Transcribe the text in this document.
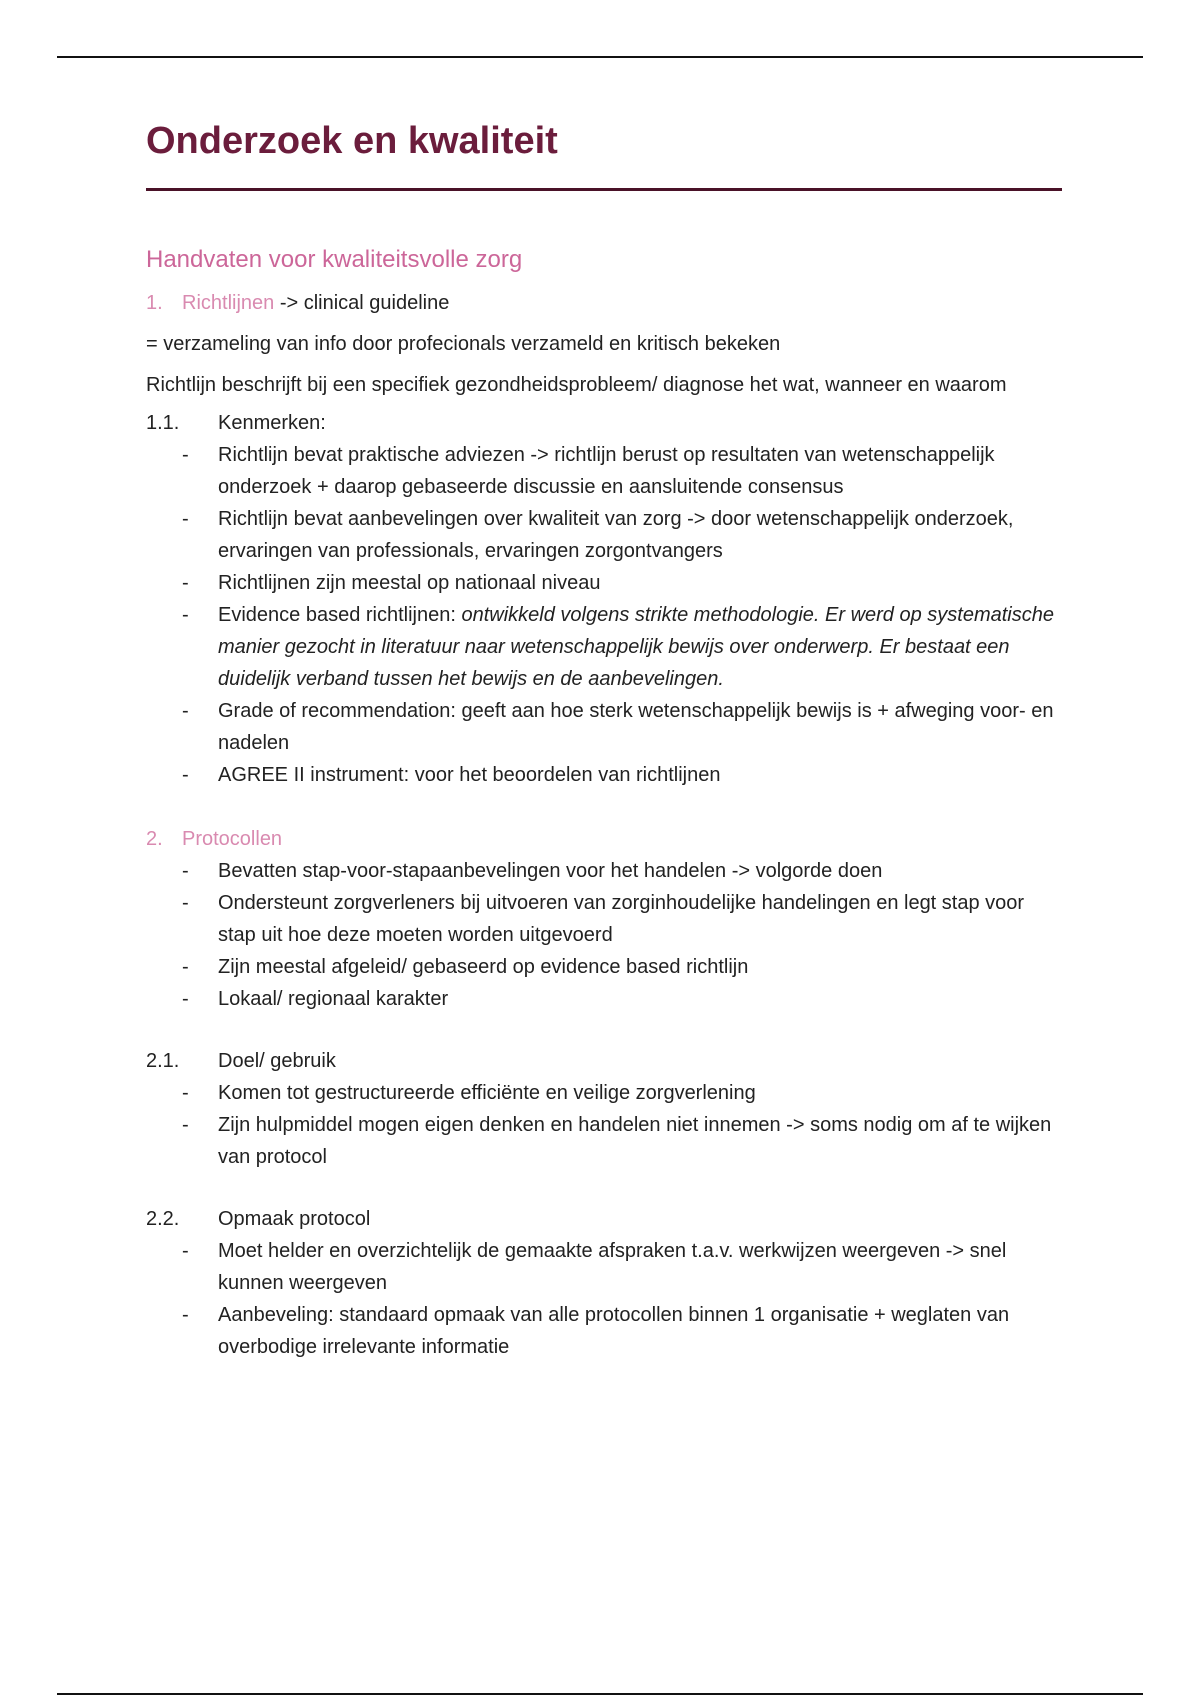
Onderzoek en kwaliteit
Handvaten voor kwaliteitsvolle zorg
1. Richtlijnen -> clinical guideline
= verzameling van info door profecionals verzameld en kritisch bekeken
Richtlijn beschrijft bij een specifiek gezondheidsprobleem/ diagnose het wat, wanneer en waarom
1.1.	Kenmerken:
- Richtlijn bevat praktische adviezen -> richtlijn berust op resultaten van wetenschappelijk onderzoek + daarop gebaseerde discussie en aansluitende consensus
- Richtlijn bevat aanbevelingen over kwaliteit van zorg -> door wetenschappelijk onderzoek, ervaringen van professionals, ervaringen zorgontvangers
- Richtlijnen zijn meestal op nationaal niveau
- Evidence based richtlijnen: ontwikkeld volgens strikte methodologie. Er werd op systematische manier gezocht in literatuur naar wetenschappelijk bewijs over onderwerp. Er bestaat een duidelijk verband tussen het bewijs en de aanbevelingen.
- Grade of recommendation: geeft aan hoe sterk wetenschappelijk bewijs is + afweging voor- en nadelen
- AGREE II instrument: voor het beoordelen van richtlijnen
2. Protocollen
- Bevatten stap-voor-stapaanbevelingen voor het handelen -> volgorde doen
- Ondersteunt zorgverleners bij uitvoeren van zorginhoudelijke handelingen en legt stap voor stap uit hoe deze moeten worden uitgevoerd
- Zijn meestal afgeleid/ gebaseerd op evidence based richtlijn
- Lokaal/ regionaal karakter
2.1.	Doel/ gebruik
- Komen tot gestructureerde efficiënte en veilige zorgverlening
- Zijn hulpmiddel mogen eigen denken en handelen niet innemen -> soms nodig om af te wijken van protocol
2.2.	Opmaak protocol
- Moet helder en overzichtelijk de gemaakte afspraken t.a.v. werkwijzen weergeven -> snel kunnen weergeven
- Aanbeveling: standaard opmaak van alle protocollen binnen 1 organisatie + weglaten van overbodige irrelevante informatie
